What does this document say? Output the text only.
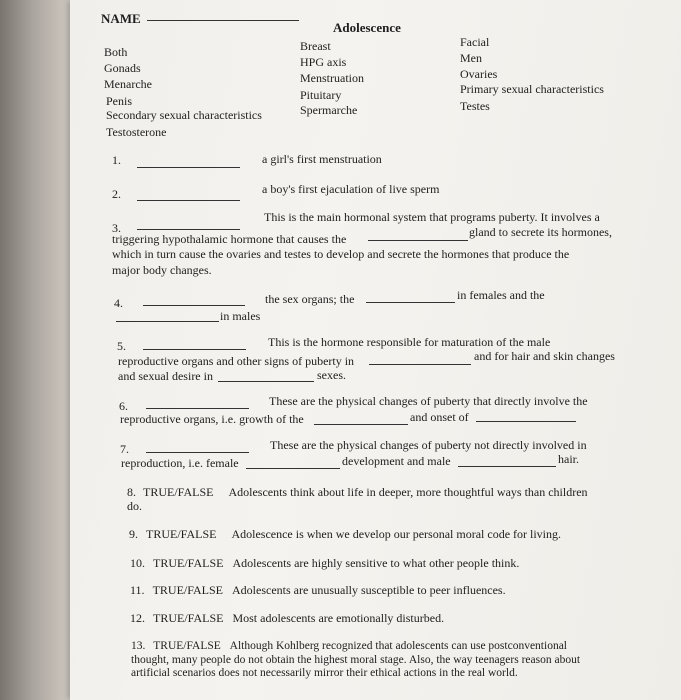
NAME
Adolescence
Both
Gonads
Menarche
Penis
Secondary sexual characteristics
Testosterone
Breast
HPG axis
Menstruation
Pituitary
Spermarche
Facial
Men
Ovaries
Primary sexual characteristics
Testes
1.	a girl's first menstruation
2.	a boy's first ejaculation of live sperm
3.
This is the main hormonal system that programs puberty. It involves a
triggering hypothalamic hormone that causes the	gland to secrete its hormones,
which in turn cause the ovaries and testes to develop and secrete the hormones that produce the
major body changes.
4.	the sex organs; the	in females and the
in males
5.	This is the hormone responsible for maturation of the male
reproductive organs and other signs of puberty in	and for hair and skin changes
and sexual desire in	sexes.
6.	These are the physical changes of puberty that directly involve the
reproductive organs, i.e. growth of the	and onset of
7.	These are the physical changes of puberty not directly involved in
reproduction, i.e. female	development and male	hair.
8. TRUE/FALSE Adolescents think about life in deeper, more thoughtful ways than children
do.
9. TRUE/FALSE Adolescence is when we develop our personal moral code for living.
10. TRUE/FALSE Adolescents are highly sensitive to what other people think.
11. TRUE/FALSE Adolescents are unusually susceptible to peer influences.
12. TRUE/FALSE Most adolescents are emotionally disturbed.
13. TRUE/FALSE Although Kohlberg recognized that adolescents can use postconventional
thought, many people do not obtain the highest moral stage. Also, the way teenagers reason about
artificial scenarios does not necessarily mirror their ethical actions in the real world.
